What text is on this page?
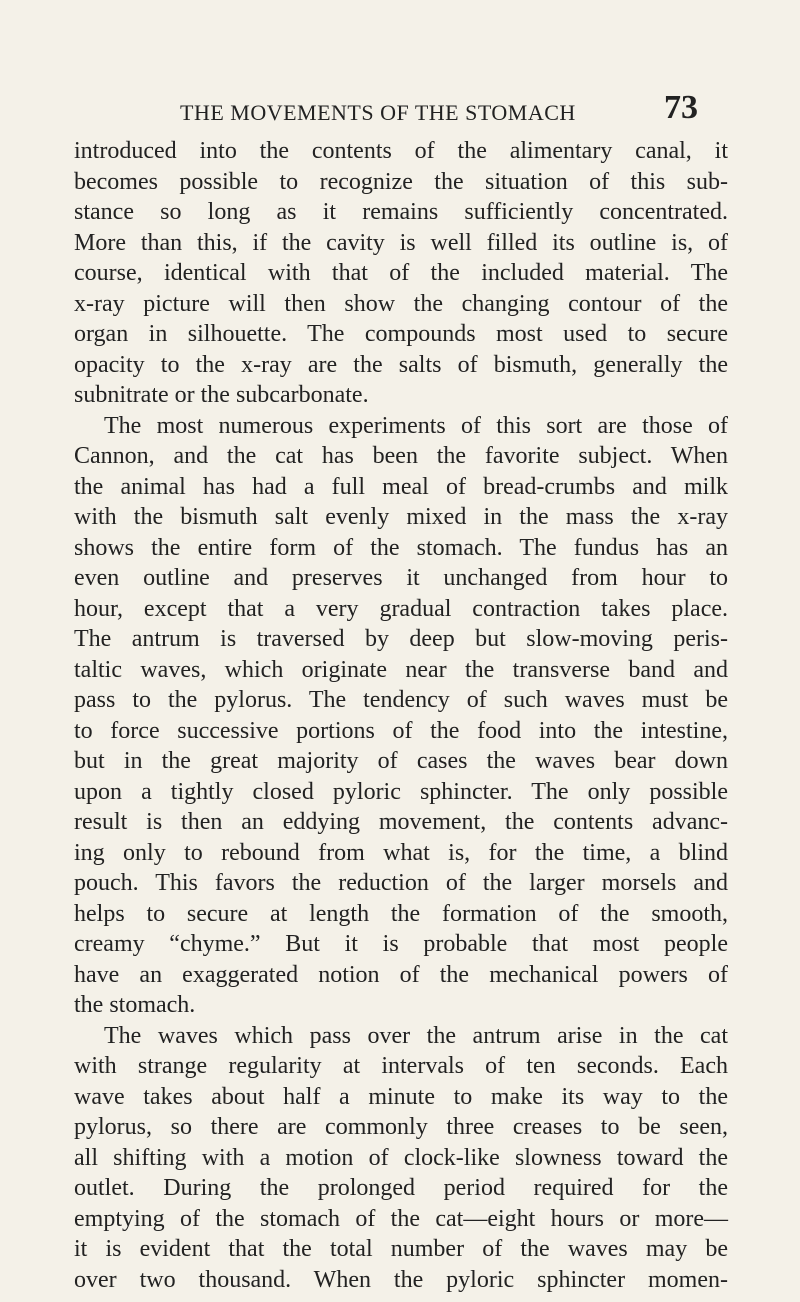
THE MOVEMENTS OF THE STOMACH	73
introduced into the contents of the alimentary canal, it
becomes possible to recognize the situation of this sub-
stance so long as it remains sufficiently concentrated.
More than this, if the cavity is well filled its outline is, of
course, identical with that of the included material. The
x-ray picture will then show the changing contour of the
organ in silhouette. The compounds most used to secure
opacity to the x-ray are the salts of bismuth, generally the
subnitrate or the subcarbonate.
The most numerous experiments of this sort are those of
Cannon, and the cat has been the favorite subject. When
the animal has had a full meal of bread-crumbs and milk
with the bismuth salt evenly mixed in the mass the x-ray
shows the entire form of the stomach. The fundus has an
even outline and preserves it unchanged from hour to
hour, except that a very gradual contraction takes place.
The antrum is traversed by deep but slow-moving peris-
taltic waves, which originate near the transverse band and
pass to the pylorus. The tendency of such waves must be
to force successive portions of the food into the intestine,
but in the great majority of cases the waves bear down
upon a tightly closed pyloric sphincter. The only possible
result is then an eddying movement, the contents advanc-
ing only to rebound from what is, for the time, a blind
pouch. This favors the reduction of the larger morsels and
helps to secure at length the formation of the smooth,
creamy “chyme.” But it is probable that most people
have an exaggerated notion of the mechanical powers of
the stomach.
The waves which pass over the antrum arise in the cat
with strange regularity at intervals of ten seconds. Each
wave takes about half a minute to make its way to the
pylorus, so there are commonly three creases to be seen,
all shifting with a motion of clock-like slowness toward the
outlet. During the prolonged period required for the
emptying of the stomach of the cat—eight hours or more—
it is evident that the total number of the waves may be
over two thousand. When the pyloric sphincter momen-
